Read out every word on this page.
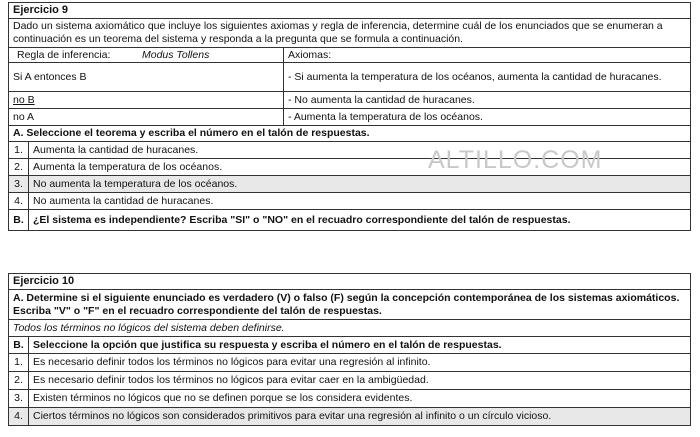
Ejercicio 9
Dado un sistema axiomático que incluye los siguientes axiomas y regla de inferencia, determine cuál de los enunciados que se enumeran a continuación es un teorema del sistema y responda a la pregunta que se formula a continuación.
Regla de inferencia:	Modus Tollens	Axiomas:
Si A entonces B	- Si aumenta la temperatura de los océanos, aumenta la cantidad de huracanes.
no B	- No aumenta la cantidad de huracanes.
no A	- Aumenta la temperatura de los océanos.
A. Seleccione el teorema y escriba el número en el talón de respuestas.
1. Aumenta la cantidad de huracanes.
2. Aumenta la temperatura de los océanos.
3. No aumenta la temperatura de los océanos.
4. No aumenta la cantidad de huracanes.
B. ¿El sistema es independiente? Escriba "SI" o "NO" en el recuadro correspondiente del talón de respuestas.
ALTILLO.COM
Ejercicio 10
A. Determine si el siguiente enunciado es verdadero (V) o falso (F) según la concepción contemporánea de los sistemas axiomáticos. Escriba "V" o "F" en el recuadro correspondiente del talón de respuestas.
Todos los términos no lógicos del sistema deben definirse.
B. Seleccione la opción que justifica su respuesta y escriba el número en el talón de respuestas.
1. Es necesario definir todos los términos no lógicos para evitar una regresión al infinito.
2. Es necesario definir todos los términos no lógicos para evitar caer en la ambigüedad.
3. Existen términos no lógicos que no se definen porque se los considera evidentes.
4. Ciertos términos no lógicos son considerados primitivos para evitar una regresión al infinito o un círculo vicioso.
